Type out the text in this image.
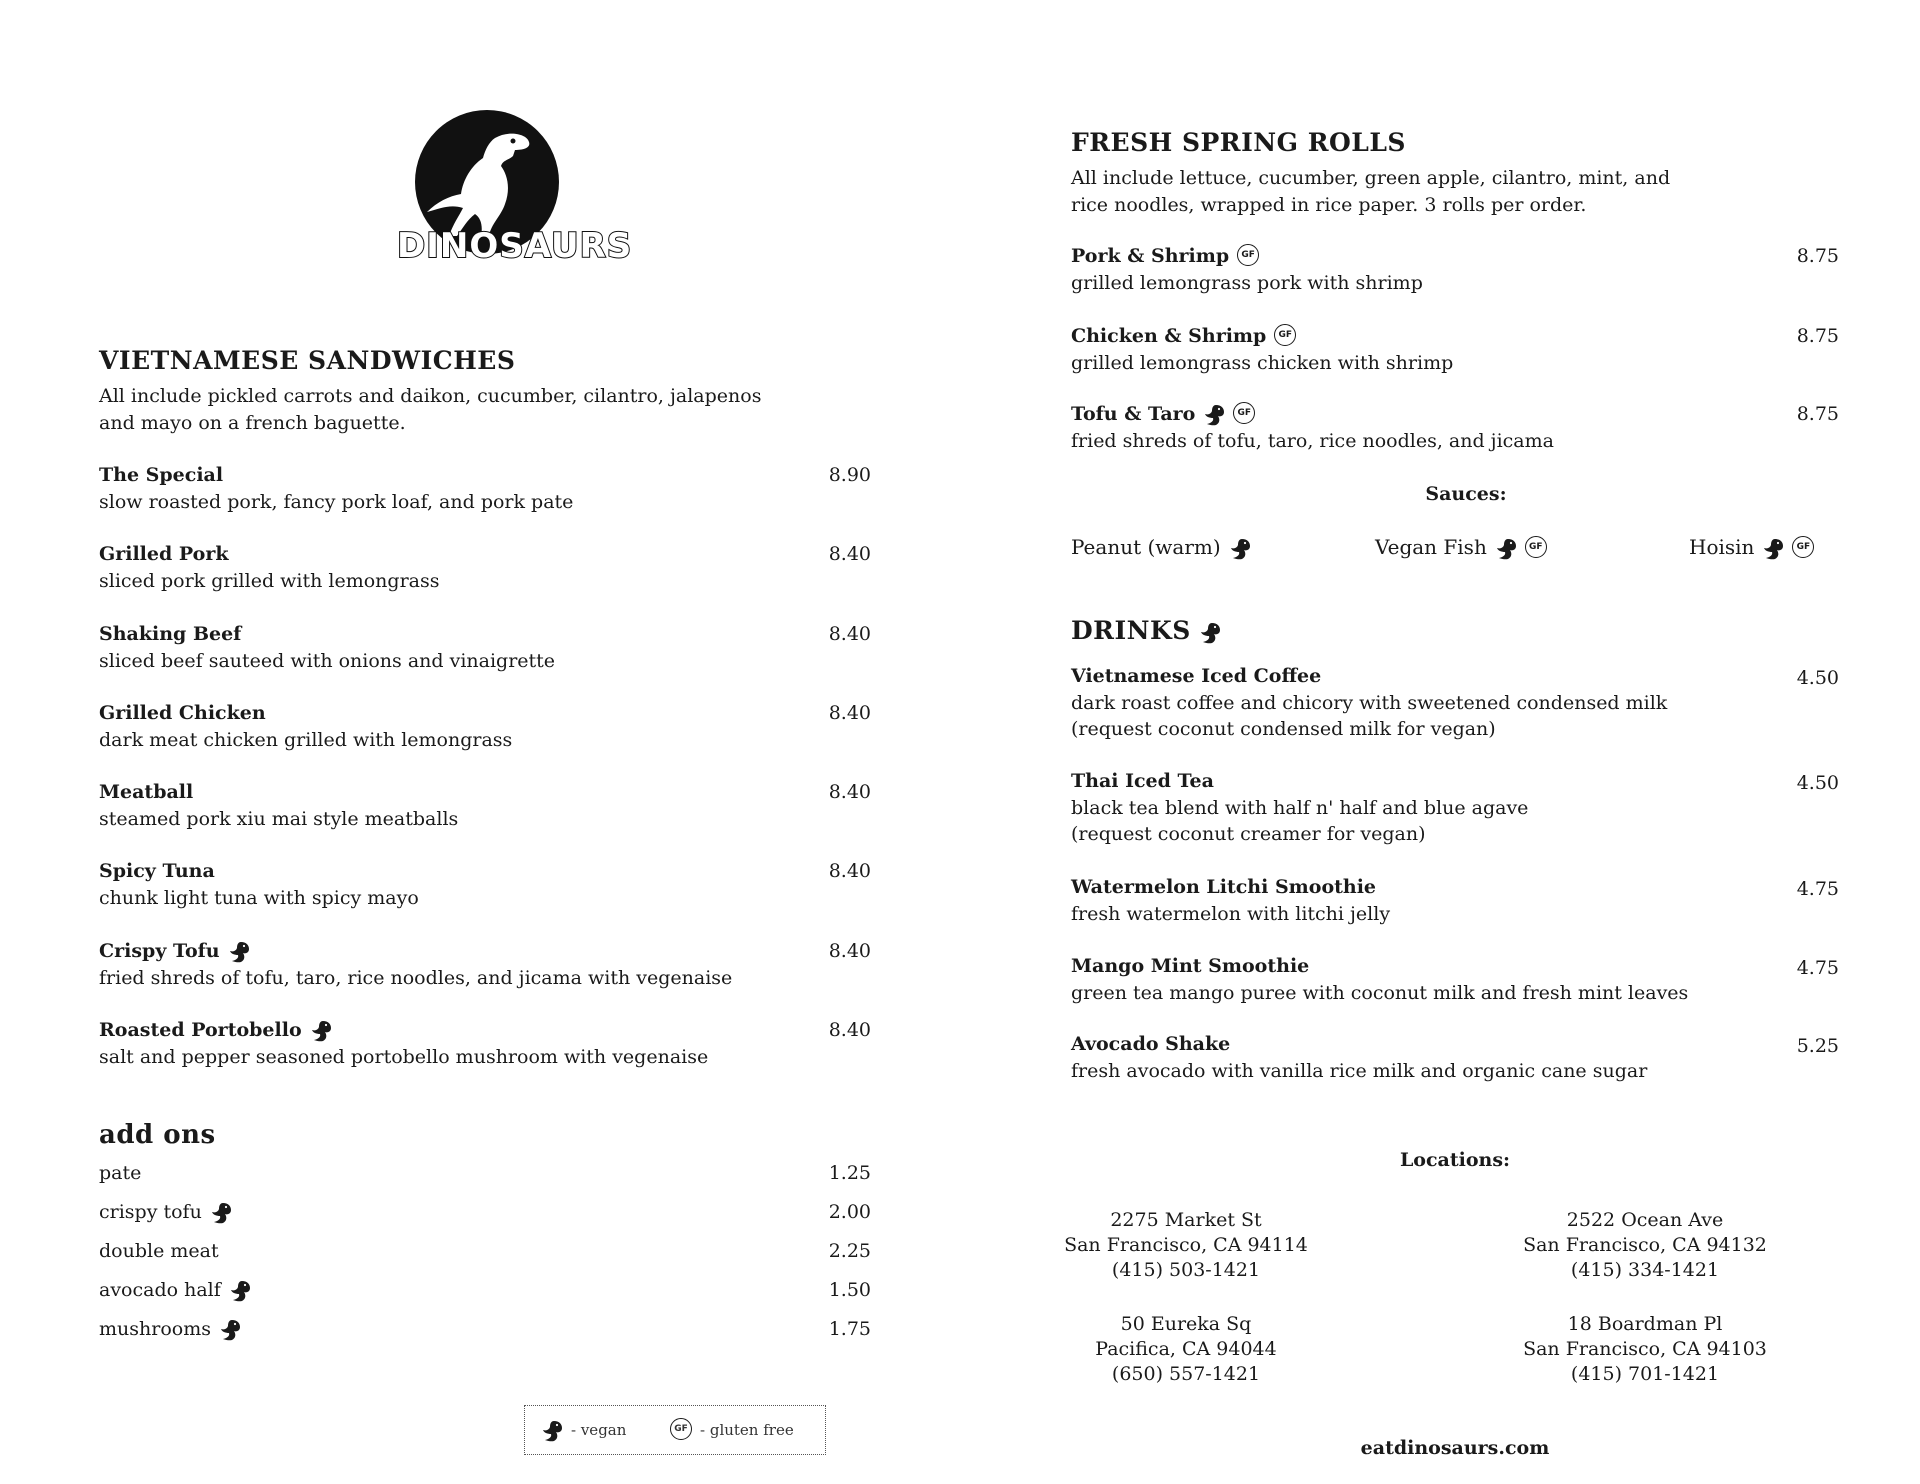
DINOSAURS
VIETNAMESE SANDWICHES
All include pickled carrots and daikon, cucumber, cilantro, jalapenos
and mayo on a french baguette.
The Special
slow roasted pork, fancy pork loaf, and pork pate
8.90
Grilled Pork
sliced pork grilled with lemongrass
8.40
Shaking Beef
sliced beef sauteed with onions and vinaigrette
8.40
Grilled Chicken
dark meat chicken grilled with lemongrass
8.40
Meatball
steamed pork xiu mai style meatballs
8.40
Spicy Tuna
chunk light tuna with spicy mayo
8.40
Crispy Tofu
fried shreds of tofu, taro, rice noodles, and jicama with vegenaise
8.40
Roasted Portobello
salt and pepper seasoned portobello mushroom with vegenaise
8.40
add ons
pate	1.25
crispy tofu	2.00
double meat	2.25
avocado half	1.50
mushrooms	1.75
- vegan	GF - gluten free
FRESH SPRING ROLLS
All include lettuce, cucumber, green apple, cilantro, mint, and
rice noodles, wrapped in rice paper. 3 rolls per order.
Pork & Shrimp GF
grilled lemongrass pork with shrimp
8.75
Chicken & Shrimp GF
grilled lemongrass chicken with shrimp
8.75
Tofu & Taro	GF
fried shreds of tofu, taro, rice noodles, and jicama
8.75
Sauces:
Peanut (warm)	Vegan Fish	GF	Hoisin	GF
DRINKS
Vietnamese Iced Coffee
dark roast coffee and chicory with sweetened condensed milk
4.50
(request coconut condensed milk for vegan)
Thai Iced Tea
black tea blend with half n' half and blue agave
4.50
(request coconut creamer for vegan)
Watermelon Litchi Smoothie
fresh watermelon with litchi jelly
4.75
Mango Mint Smoothie
green tea mango puree with coconut milk and fresh mint leaves
4.75
Avocado Shake
fresh avocado with vanilla rice milk and organic cane sugar
5.25
Locations:
2275 Market St
San Francisco, CA 94114
(415) 503-1421
2522 Ocean Ave
San Francisco, CA 94132
(415) 334-1421
50 Eureka Sq
Pacifica, CA 94044
(650) 557-1421
18 Boardman Pl
San Francisco, CA 94103
(415) 701-1421
eatdinosaurs.com
